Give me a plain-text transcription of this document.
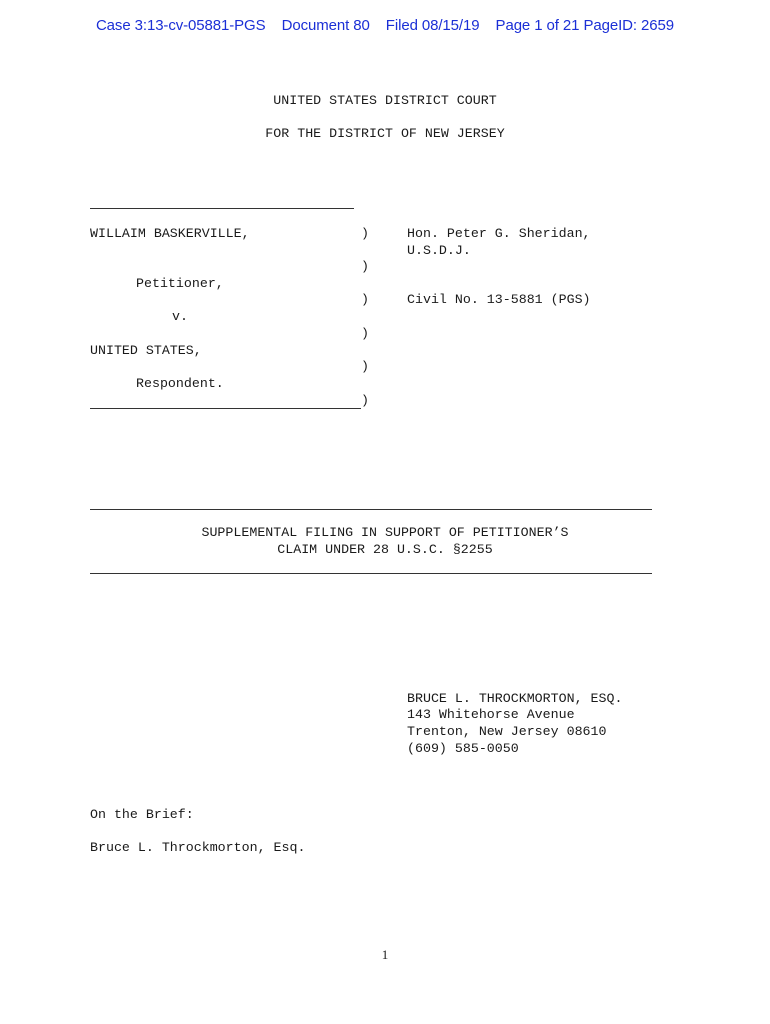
Case 3:13-cv-05881-PGS Document 80 Filed 08/15/19 Page 1 of 21 PageID: 2659
UNITED STATES DISTRICT COURT
FOR THE DISTRICT OF NEW JERSEY
WILLAIM BASKERVILLE,
Petitioner,
v.
UNITED STATES,
Respondent.
)
)
)
)
)
)
Hon. Peter G. Sheridan,
U.S.D.J.
Civil No. 13-5881 (PGS)
SUPPLEMENTAL FILING IN SUPPORT OF PETITIONER’S
CLAIM UNDER 28 U.S.C. §2255
BRUCE L. THROCKMORTON, ESQ.
143 Whitehorse Avenue
Trenton, New Jersey 08610
(609) 585-0050
On the Brief:
Bruce L. Throckmorton, Esq.
1
